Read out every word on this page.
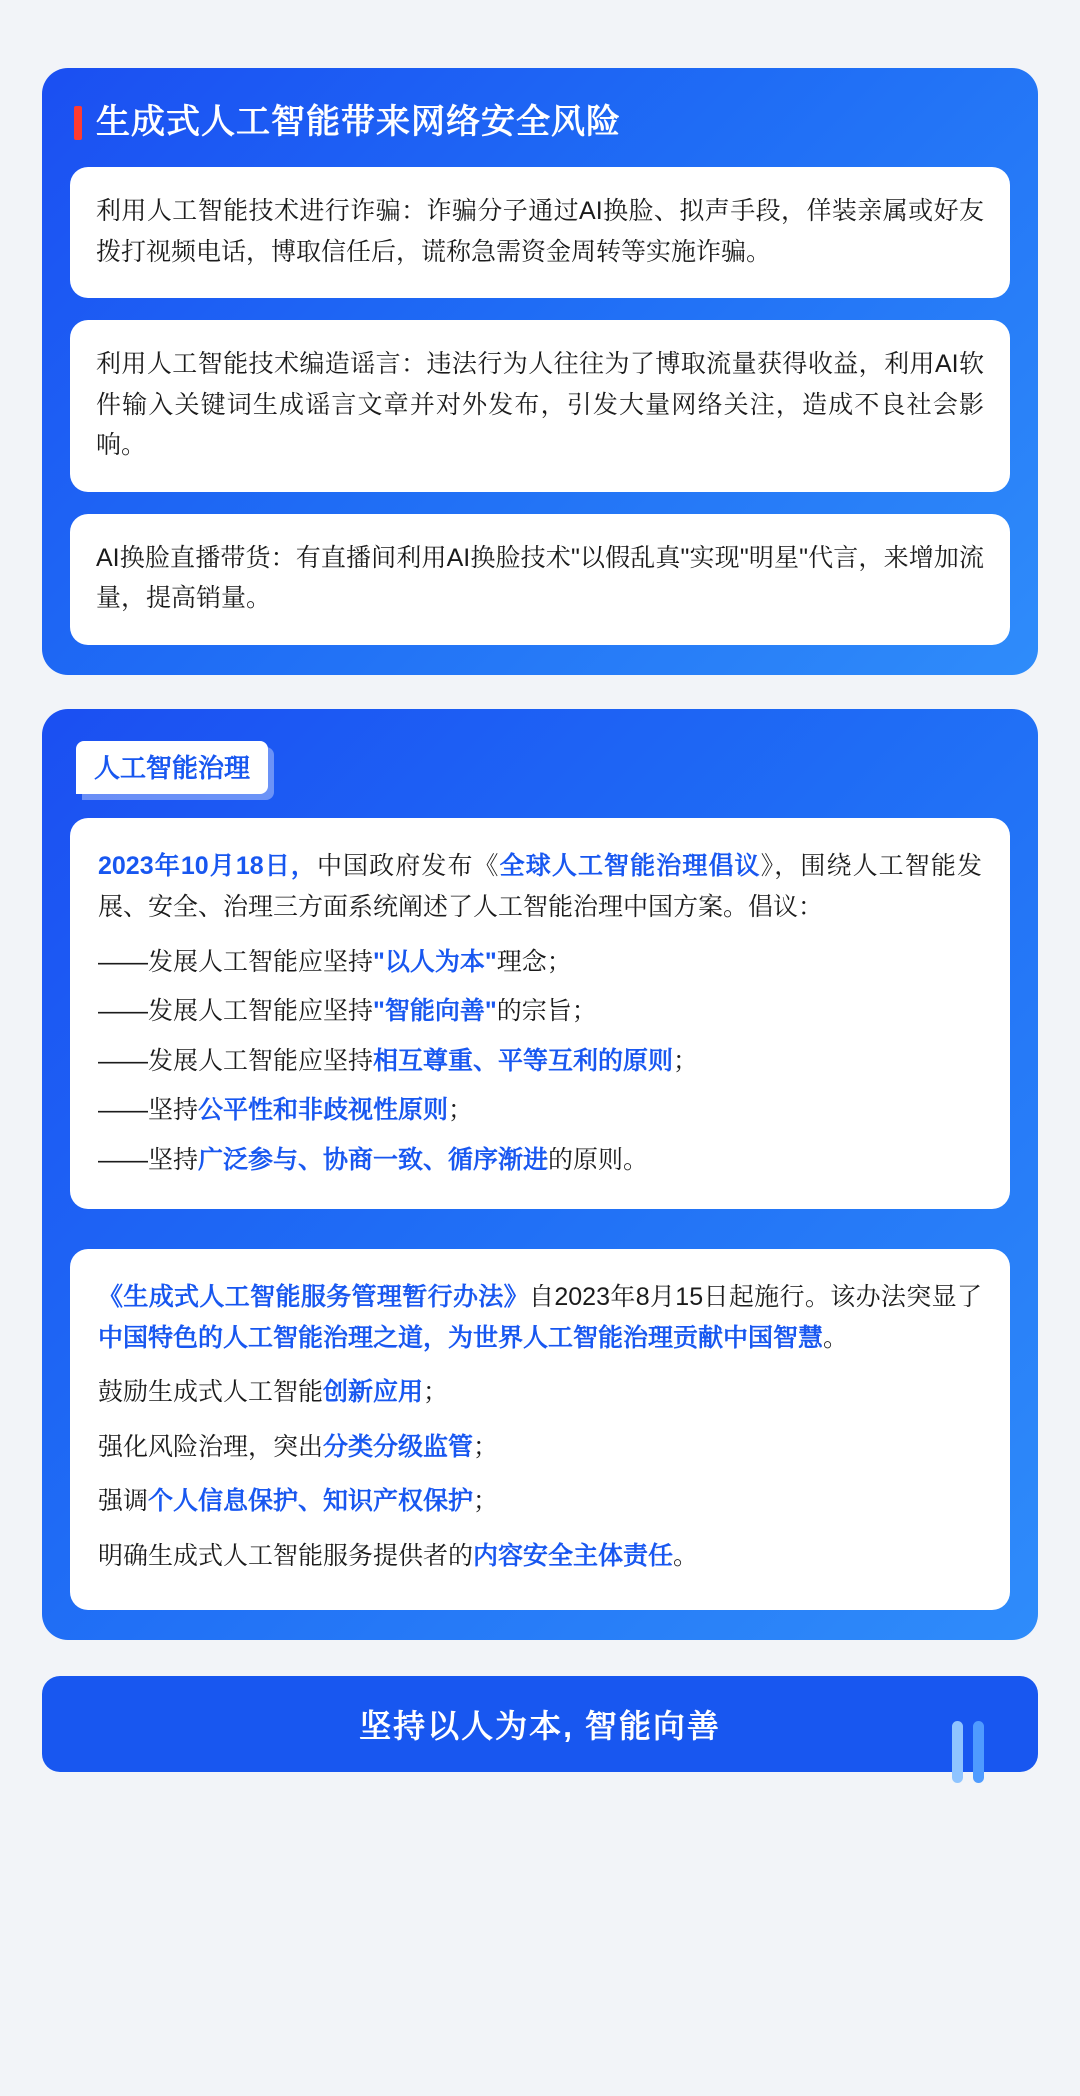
生成式人工智能带来网络安全风险
利用人工智能技术进行诈骗：诈骗分子通过AI换脸、拟声手段，佯装亲属或好友拨打视频电话，博取信任后，谎称急需资金周转等实施诈骗。
利用人工智能技术编造谣言：违法行为人往往为了博取流量获得收益，利用AI软件输入关键词生成谣言文章并对外发布，引发大量网络关注，造成不良社会影响。
AI换脸直播带货：有直播间利用AI换脸技术"以假乱真"实现"明星"代言，来增加流量，提高销量。
人工智能治理
2023年10月18日，中国政府发布《全球人工智能治理倡议》，围绕人工智能发展、安全、治理三方面系统阐述了人工智能治理中国方案。倡议：
——发展人工智能应坚持"以人为本"理念；
——发展人工智能应坚持"智能向善"的宗旨；
——发展人工智能应坚持相互尊重、平等互利的原则；
——坚持公平性和非歧视性原则；
——坚持广泛参与、协商一致、循序渐进的原则。

《生成式人工智能服务管理暂行办法》自2023年8月15日起施行。该办法突显了中国特色的人工智能治理之道，为世界人工智能治理贡献中国智慧。

鼓励生成式人工智能创新应用；

强化风险治理，突出分类分级监管；

强调个人信息保护、知识产权保护；

明确生成式人工智能服务提供者的内容安全主体责任。

坚持以人为本, 智能向善
